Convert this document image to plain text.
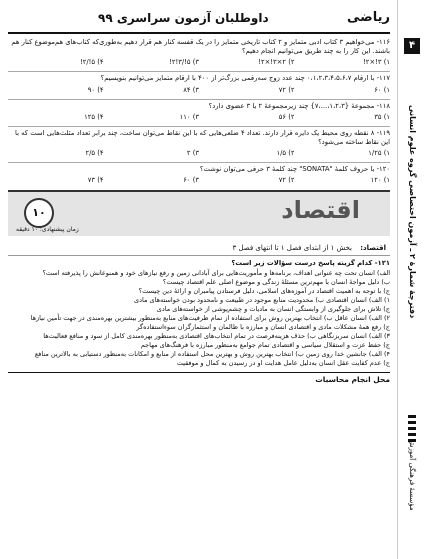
۴
دفترچهٔ شمارهٔ ۲ ـ آزمون اختصاصی گروه علوم انسانی
مؤسسهٔ فرهنگی آموزش
ریاضی
داوطلبان آزمون سراسری ۹۹

۱۱۶- می‌خواهیم ۳ کتاب ادبی متمایز و ۲ کتاب تاریخی متمایز را در یک قفسه کنار هم قرار دهیم به‌طوری‌که کتاب‌های هم‌موضوع کنار هم باشند. این کار را به چند طریق می‌توانیم انجام دهیم؟

۱) ۳!×۲!
۲) ۲×۳!×۲!
۳) ۵!/۳!۲!
۴) ۵!/۲!

۱۱۷- با ارقام ۰،۱،۲،۳،۴،۵،۶،۷ چند عدد زوج سه‌رقمی بزرگ‌تر از ۴۰۰ با ارقام متمایز می‌توانیم بنویسیم؟

۱) ۶۰
۲) ۷۲
۳) ۸۴
۴) ۹۰

۱۱۸- مجموعهٔ {۱،۲،۳،...،۷} چند زیرمجموعهٔ ۲ یا ۳ عضوی دارد؟

۱) ۳۵
۲) ۵۶
۳) ۱۱۰
۴) ۱۲۵

۱۱۹- ۸ نقطه روی محیط یک دایره قرار دارند. تعداد ۴ ضلعی‌هایی که با این نقاط می‌توان ساخت، چند برابر تعداد مثلث‌هایی است که با این نقاط ساخته می‌شود؟

۱) ۱/۲۵
۲) ۱/۵
۳) ۲
۴) ۲/۵

۱۲۰- با حروف کلمهٔ "SONATA" چند کلمهٔ ۳ حرفی می‌توان نوشت؟

۱) ۱۲۰
۲) ۷۲
۳) ۶۰
۴) ۷۳
اقتصاد
۱۰
زمان پیشنهادی: ۱۰ دقیقه
اقتصاد: بخش ۱ از ابتدای فصل ۱ تا انتهای فصل ۳

۱۲۱- کدام گزینه پاسخ درست سؤالات زیر است؟

الف) انسان تحت چه عنوانی اهداف، برنامه‌ها و مأموریت‌هایی برای آبادانی زمین و رفع نیازهای خود و همنوعانش را پذیرفته است؟

ب) دلیل مواجهٔ انسان با مهم‌ترین مسئلهٔ زندگی و موضوع اصلی علم اقتصاد چیست؟

ج) با توجه به اهمیت اقتصاد در آموزه‌های اسلامی، دلیل فرستادن پیامبران و ارائهٔ دین چیست؟

۱) الف) انسان اقتصادی ب) محدودیت منابع موجود در طبیعت و نامحدود بودن خواسته‌های مادی

ج) تلاش برای جلوگیری از وابستگی انسان به مادیات و چشم‌پوشی از خواسته‌های مادی

۲) الف) انسان عاقل ب) انتخاب بهترین روش برای استفاده از تمام ظرفیت‌های منابع به‌منظور بیشترین بهره‌مندی در جهت تأمین نیازها

ج) رفع همهٔ مشکلات مادی و اقتصادی انسان و مبارزه با ظالمان و استثمارگران سوءاستفاده‌گر

۳) الف) انسان سربزنگاهی ب) حذف هزینه‌فرصت در تمام انتخاب‌های اقتصادی به‌منظور بهره‌مندی کامل از سود و منافع فعالیت‌ها

ج) حفظ عزت و استقلال سیاسی و اقتصادی تمام جوامع به‌منظور مبارزه با فرهنگ‌های مهاجم

۴) الف) جانشین خدا روی زمین ب) انتخاب بهترین روش و بهترین محل استفاده از منابع و امکانات به‌منظور دستیابی به بالاترین منافع

ج) عدم کفایت عقل انسان به‌دلیل عامل هدایت او در رسیدن به کمال و موفقیت

محل انجام محاسبات
